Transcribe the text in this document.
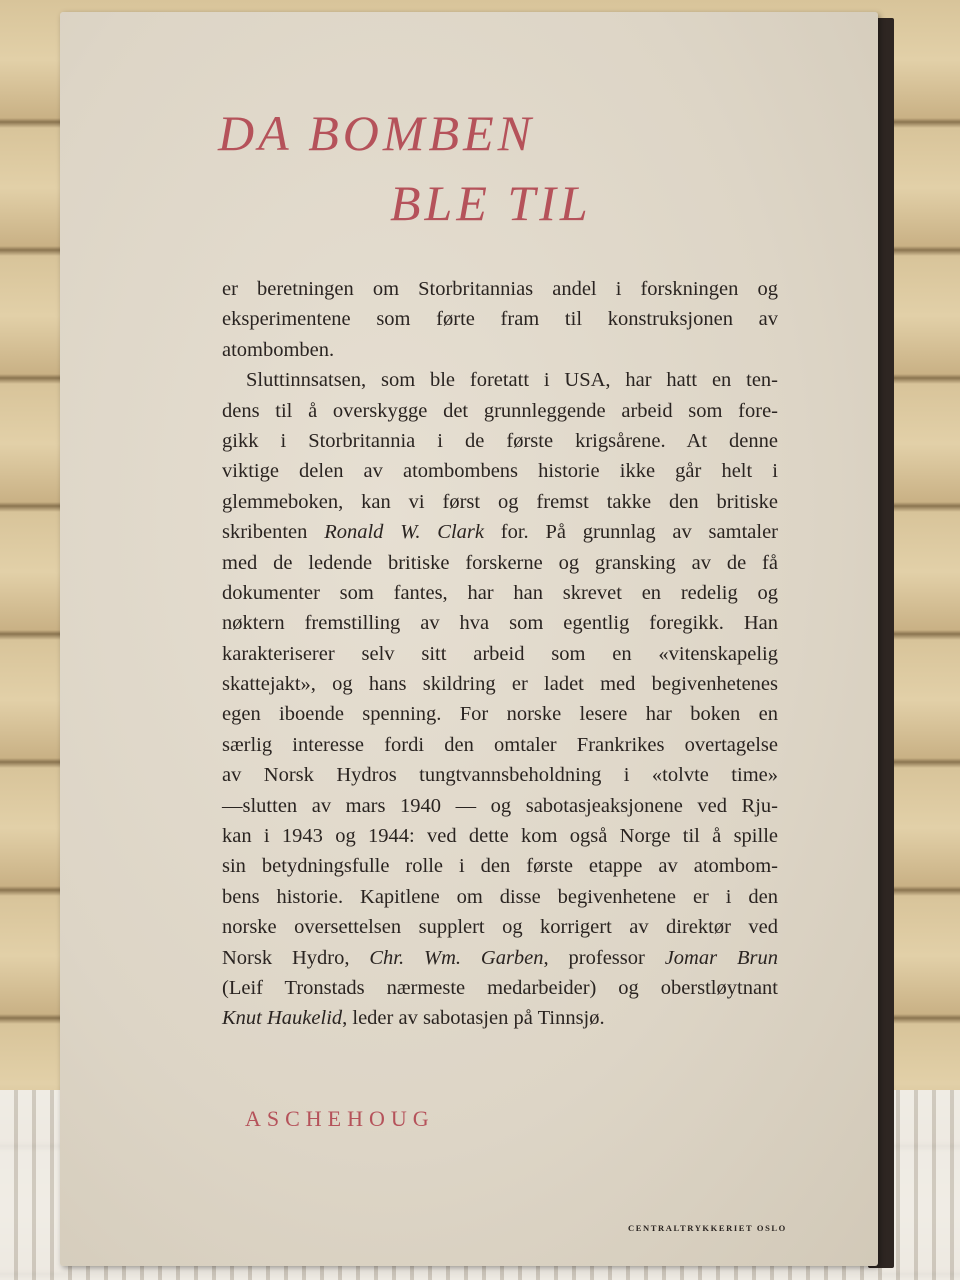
DA BOMBEN
BLE TIL
er beretningen om Storbritannias andel i forskningen og
eksperimentene som førte fram til konstruksjonen av
atombomben.
Sluttinnsatsen, som ble foretatt i USA, har hatt en ten-
dens til å overskygge det grunnleggende arbeid som fore-
gikk i Storbritannia i de første krigsårene. At denne
viktige delen av atombombens historie ikke går helt i
glemmeboken, kan vi først og fremst takke den britiske
skribenten Ronald W. Clark for. På grunnlag av samtaler
med de ledende britiske forskerne og gransking av de få
dokumenter som fantes, har han skrevet en redelig og
nøktern fremstilling av hva som egentlig foregikk. Han
karakteriserer selv sitt arbeid som en «vitenskapelig
skattejakt», og hans skildring er ladet med begivenhetenes
egen iboende spenning. For norske lesere har boken en
særlig interesse fordi den omtaler Frankrikes overtagelse
av Norsk Hydros tungtvannsbeholdning i «tolvte time»
—slutten av mars 1940 — og sabotasjeaksjonene ved Rju-
kan i 1943 og 1944: ved dette kom også Norge til å spille
sin betydningsfulle rolle i den første etappe av atombom-
bens historie. Kapitlene om disse begivenhetene er i den
norske oversettelsen supplert og korrigert av direktør ved
Norsk Hydro, Chr. Wm. Garben, professor Jomar Brun
(Leif Tronstads nærmeste medarbeider) og oberstløytnant
Knut Haukelid, leder av sabotasjen på Tinnsjø.
ASCHEHOUG
CENTRALTRYKKERIET OSLO
